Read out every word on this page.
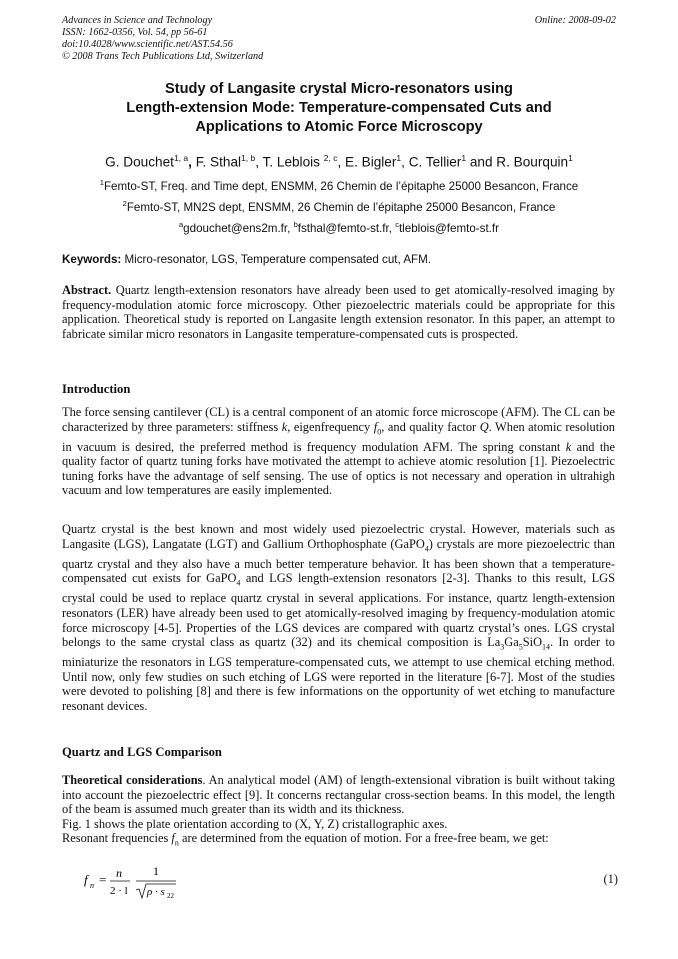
Advances in Science and Technology
ISSN: 1662-0356, Vol. 54, pp 56-61
doi:10.4028/www.scientific.net/AST.54.56
© 2008 Trans Tech Publications Ltd, Switzerland
Online: 2008-09-02
Study of Langasite crystal Micro-resonators using
Length-extension Mode: Temperature-compensated Cuts and
Applications to Atomic Force Microscopy
G. Douchet$^{1, a}$, F. Sthal$^{1, b}$, T. Leblois $^{2, c}$, E. Bigler$^1$, C. Tellier$^1$ and R. Bourquin$^1$
$^1$Femto-ST, Freq. and Time dept, ENSMM, 26 Chemin de l’épitaphe 25000 Besancon, France
$^2$Femto-ST, MN2S dept, ENSMM, 26 Chemin de l’épitaphe 25000 Besancon, France
$^a$gdouchet@ens2m.fr, $^b$fsthal@femto-st.fr, $^c$tleblois@femto-st.fr
Keywords: Micro-resonator, LGS, Temperature compensated cut, AFM.
Abstract. Quartz length-extension resonators have already been used to get atomically-resolved imaging by frequency-modulation atomic force microscopy. Other piezoelectric materials could be appropriate for this application. Theoretical study is reported on Langasite length extension resonator. In this paper, an attempt to fabricate similar micro resonators in Langasite temperature-compensated cuts is prospected.
Introduction
The force sensing cantilever (CL) is a central component of an atomic force microscope (AFM). The CL can be characterized by three parameters: stiffness k, eigenfrequency $f_0$, and quality factor Q. When atomic resolution in vacuum is desired, the preferred method is frequency modulation AFM. The spring constant k and the quality factor of quartz tuning forks have motivated the attempt to achieve atomic resolution [1]. Piezoelectric tuning forks have the advantage of self sensing. The use of optics is not necessary and operation in ultrahigh vacuum and low temperatures are easily implemented.
Quartz crystal is the best known and most widely used piezoelectric crystal. However, materials such as Langasite (LGS), Langatate (LGT) and Gallium Orthophosphate (GaPO$_4$) crystals are more piezoelectric than quartz crystal and they also have a much better temperature behavior. It has been shown that a temperature-compensated cut exists for GaPO$_4$ and LGS length-extension resonators [2-3]. Thanks to this result, LGS crystal could be used to replace quartz crystal in several applications. For instance, quartz length-extension resonators (LER) have already been used to get atomically-resolved imaging by frequency-modulation atomic force microscopy [4-5]. Properties of the LGS devices are compared with quartz crystal’s ones. LGS crystal belongs to the same crystal class as quartz (32) and its chemical composition is $La_3Ga_5SiO_{14}$. In order to miniaturize the resonators in LGS temperature-compensated cuts, we attempt to use chemical etching method. Until now, only few studies on such etching of LGS were reported in the literature [6-7]. Most of the studies were devoted to polishing [8] and there is few informations on the opportunity of wet etching to manufacture resonant devices.
Quartz and LGS Comparison
Theoretical considerations. An analytical model (AM) of length-extensional vibration is built without taking into account the piezoelectric effect [9]. It concerns rectangular cross-section beams. In this model, the length of the beam is assumed much greater than its width and its thickness.
Fig. 1 shows the plate orientation according to (X, Y, Z) cristallographic axes.
Resonant frequencies $f_n$ are determined from the equation of motion. For a free-free beam, we get:
f n = n
2 · l
1
ρ · s 22
(1)
